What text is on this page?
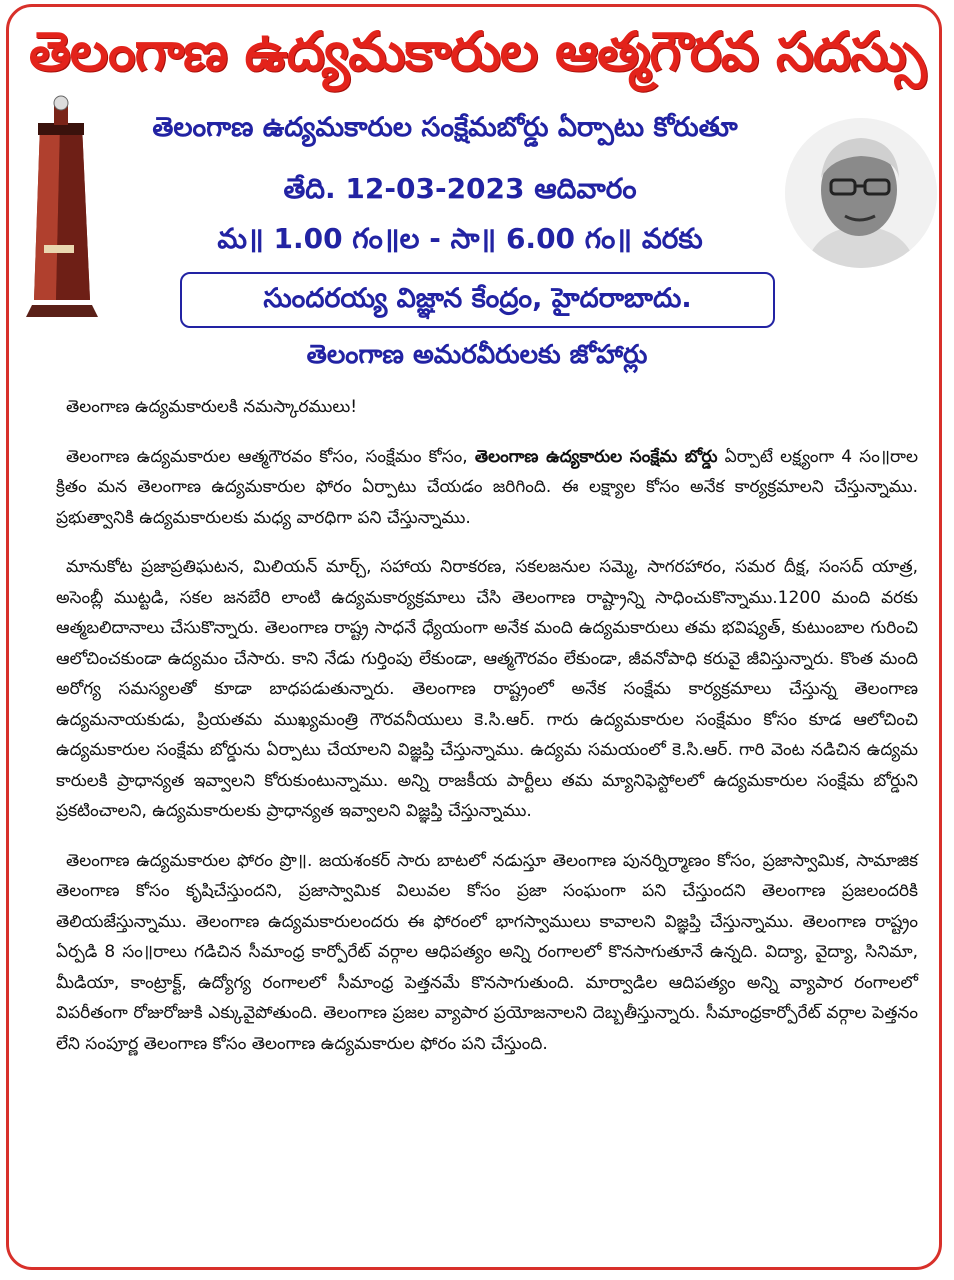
తెలంగాణ ఉద్యమకారుల ఆత్మగౌరవ సదస్సు
తెలంగాణ ఉద్యమకారుల సంక్షేమబోర్డు ఏర్పాటు కోరుతూ
తేది. 12-03-2023 ఆదివారం
మ॥ 1.00 గం॥ల - సా॥ 6.00 గం॥ వరకు
సుందరయ్య విజ్ఞాన కేంద్రం, హైదరాబాదు.
తెలంగాణ అమరవీరులకు జోహార్లు

తెలంగాణ ఉద్యమకారులకి నమస్కారములు!

తెలంగాణ ఉద్యమకారుల ఆత్మగౌరవం కోసం, సంక్షేమం కోసం, తెలంగాణ ఉద్యకారుల సంక్షేమ బోర్డు ఏర్పాటే లక్ష్యంగా 4 సం॥రాల క్రితం మన తెలంగాణ ఉద్యమకారుల ఫోరం ఏర్పాటు చేయడం జరిగింది. ఈ లక్ష్యాల కోసం అనేక కార్యక్రమాలని చేస్తున్నాము. ప్రభుత్వానికి ఉద్యమకారులకు మధ్య వారధిగా పని చేస్తున్నాము.

మానుకోట ప్రజాప్రతిఘటన, మిలియన్ మార్చ్, సహాయ నిరాకరణ, సకలజనుల సమ్మె, సాగరహారం, సమర దీక్ష, సంసద్ యాత్ర, అసెంబ్లీ ముట్టడి, సకల జనబేరి లాంటి ఉద్యమకార్యక్రమాలు చేసి తెలంగాణ రాష్ట్రాన్ని సాధించుకొన్నాము.1200 మంది వరకు ఆత్మబలిదానాలు చేసుకొన్నారు. తెలంగాణ రాష్ట్ర సాధనే ధ్యేయంగా అనేక మంది ఉద్యమకారులు తమ భవిష్యత్, కుటుంబాల గురించి ఆలోచించకుండా ఉద్యమం చేసారు. కాని నేడు గుర్తింపు లేకుండా, ఆత్మగౌరవం లేకుండా, జీవనోపాధి కరువై జీవిస్తున్నారు. కొంత మంది అరోగ్య సమస్యలతో కూడా బాధపడుతున్నారు. తెలంగాణ రాష్ట్రంలో అనేక సంక్షేమ కార్యక్రమాలు చేస్తున్న తెలంగాణ ఉద్యమనాయకుడు, ప్రియతమ ముఖ్యమంత్రి గౌరవనీయులు కె.సి.ఆర్. గారు ఉద్యమకారుల సంక్షేమం కోసం కూడ ఆలోచించి ఉద్యమకారుల సంక్షేమ బోర్డును ఏర్పాటు చేయాలని విజ్ఞప్తి చేస్తున్నాము. ఉద్యమ సమయంలో కె.సి.ఆర్. గారి వెంట నడిచిన ఉద్యమ కారులకి ప్రాధాన్యత ఇవ్వాలని కోరుకుంటున్నాము. అన్ని రాజకీయ పార్టీలు తమ మ్యానిఫెస్టోలలో ఉద్యమకారుల సంక్షేమ బోర్డుని ప్రకటించాలని, ఉద్యమకారులకు ప్రాధాన్యత ఇవ్వాలని విజ్ఞప్తి చేస్తున్నాము.

తెలంగాణ ఉద్యమకారుల ఫోరం ప్రొ॥. జయశంకర్ సారు బాటలో నడుస్తూ తెలంగాణ పునర్నిర్మాణం కోసం, ప్రజాస్వామిక, సామాజిక తెలంగాణ కోసం కృషిచేస్తుందని, ప్రజాస్వామిక విలువల కోసం ప్రజా సంఘంగా పని చేస్తుందని తెలంగాణ ప్రజలందరికి తెలియజేస్తున్నాము. తెలంగాణ ఉద్యమకారులందరు ఈ ఫోరంలో భాగస్వాములు కావాలని విజ్ఞప్తి చేస్తున్నాము. తెలంగాణ రాష్ట్రం ఏర్పడి 8 సం॥రాలు గడిచిన సీమాంధ్ర కార్పోరేట్ వర్గాల ఆధిపత్యం అన్ని రంగాలలో కొనసాగుతూనే ఉన్నది. విద్యా, వైద్యా, సినిమా, మీడియా, కాంట్రాక్ట్, ఉద్యోగ్య రంగాలలో సీమాంధ్ర పెత్తనమే కొనసాగుతుంది. మార్వాడిల ఆదిపత్యం అన్ని వ్యాపార రంగాలలో విపరీతంగా రోజురోజుకి ఎక్కువైపోతుంది. తెలంగాణ ప్రజల వ్యాపార ప్రయోజనాలని దెబ్బతీస్తున్నారు. సీమాంధ్రకార్పోరేట్ వర్గాల పెత్తనం లేని సంపూర్ణ తెలంగాణ కోసం తెలంగాణ ఉద్యమకారుల ఫోరం పని చేస్తుంది.
